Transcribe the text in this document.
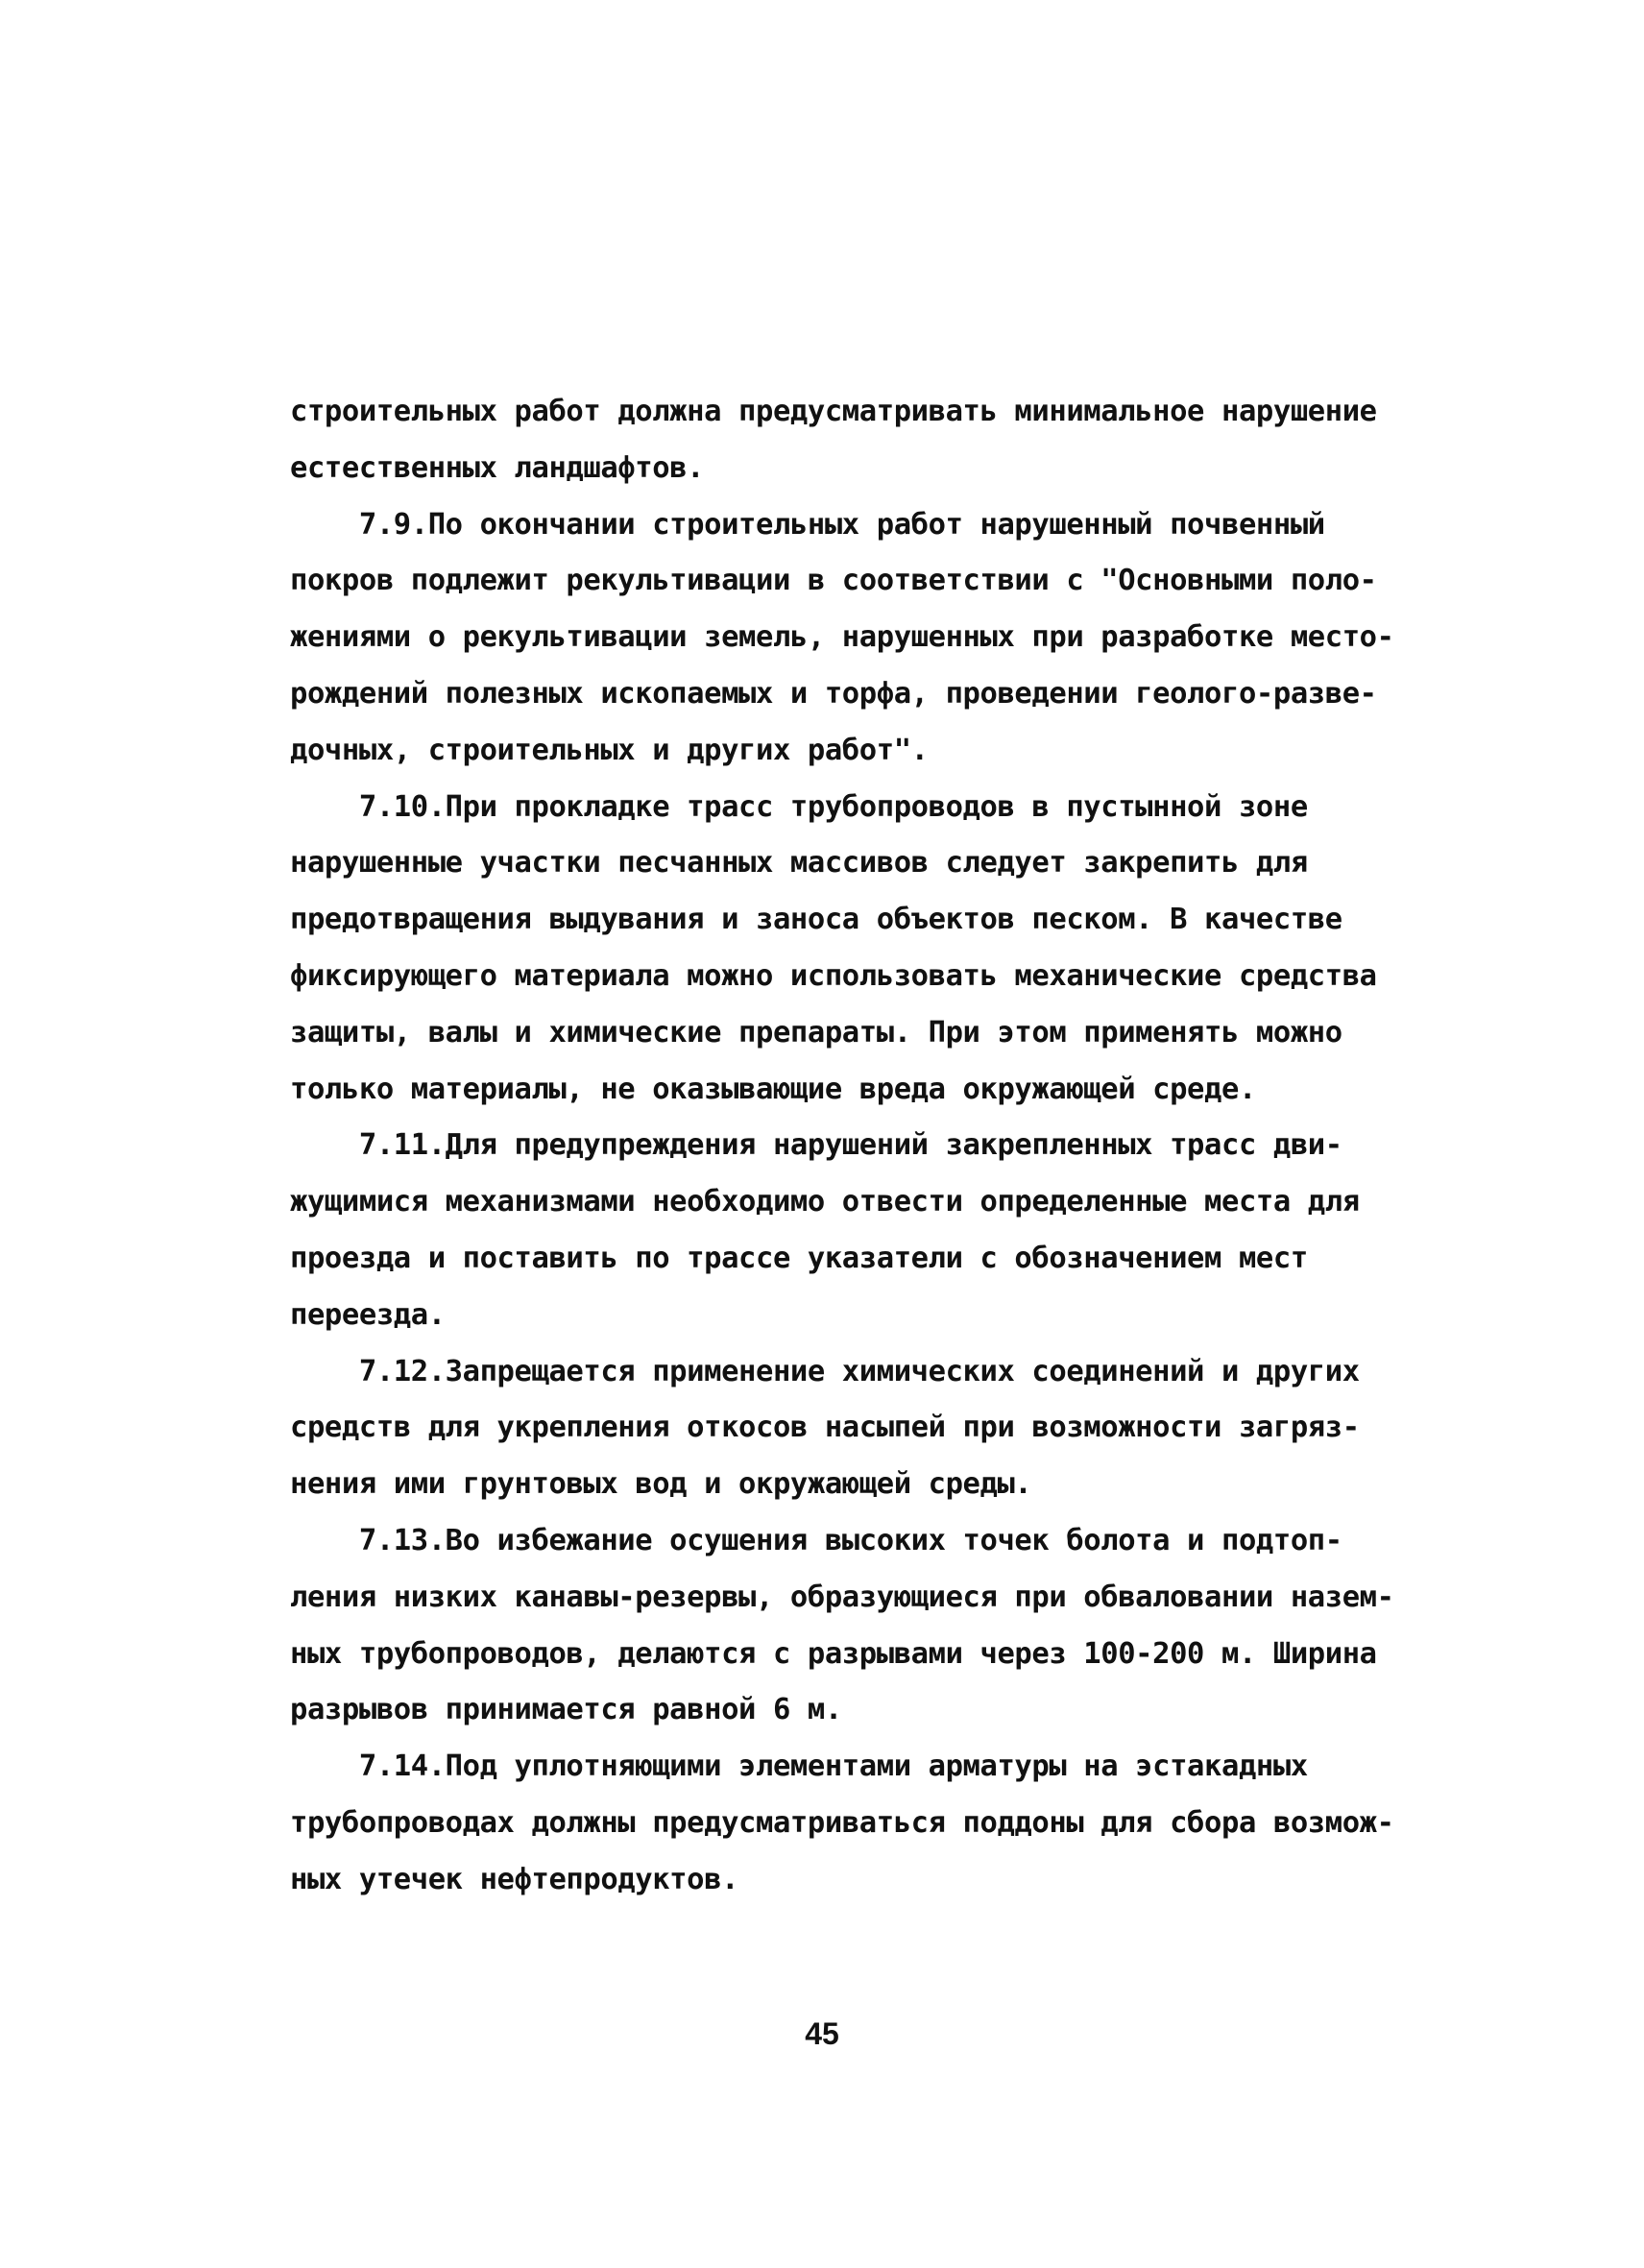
строительных работ должна предусматривать минимальное нарушение
естественных ландшафтов.
7.9.По окончании строительных работ нарушенный почвенный
покров подлежит рекультивации в соответствии с "Основными поло-
жениями о рекультивации земель, нарушенных при разработке место-
рождений полезных ископаемых и торфа, проведении геолого-разве-
дочных, строительных и других работ".
7.10.При прокладке трасс трубопроводов в пустынной зоне
нарушенные участки песчанных массивов следует закрепить для
предотвращения выдувания и заноса объектов песком. В качестве
фиксирующего материала можно использовать механические средства
защиты, валы и химические препараты. При этом применять можно
только материалы, не оказывающие вреда окружающей среде.
7.11.Для предупреждения нарушений закрепленных трасс дви-
жущимися механизмами необходимо отвести определенные места для
проезда и поставить по трассе указатели с обозначением мест
переезда.
7.12.Запрещается применение химических соединений и других
средств для укрепления откосов насыпей при возможности загряз-
нения ими грунтовых вод и окружающей среды.
7.13.Во избежание осушения высоких точек болота и подтоп-
ления низких канавы-резервы, образующиеся при обваловании назем-
ных трубопроводов, делаются с разрывами через 100-200 м. Ширина
разрывов принимается равной 6 м.
7.14.Под уплотняющими элементами арматуры на эстакадных
трубопроводах должны предусматриваться поддоны для сбора возмож-
ных утечек нефтепродуктов.
45
